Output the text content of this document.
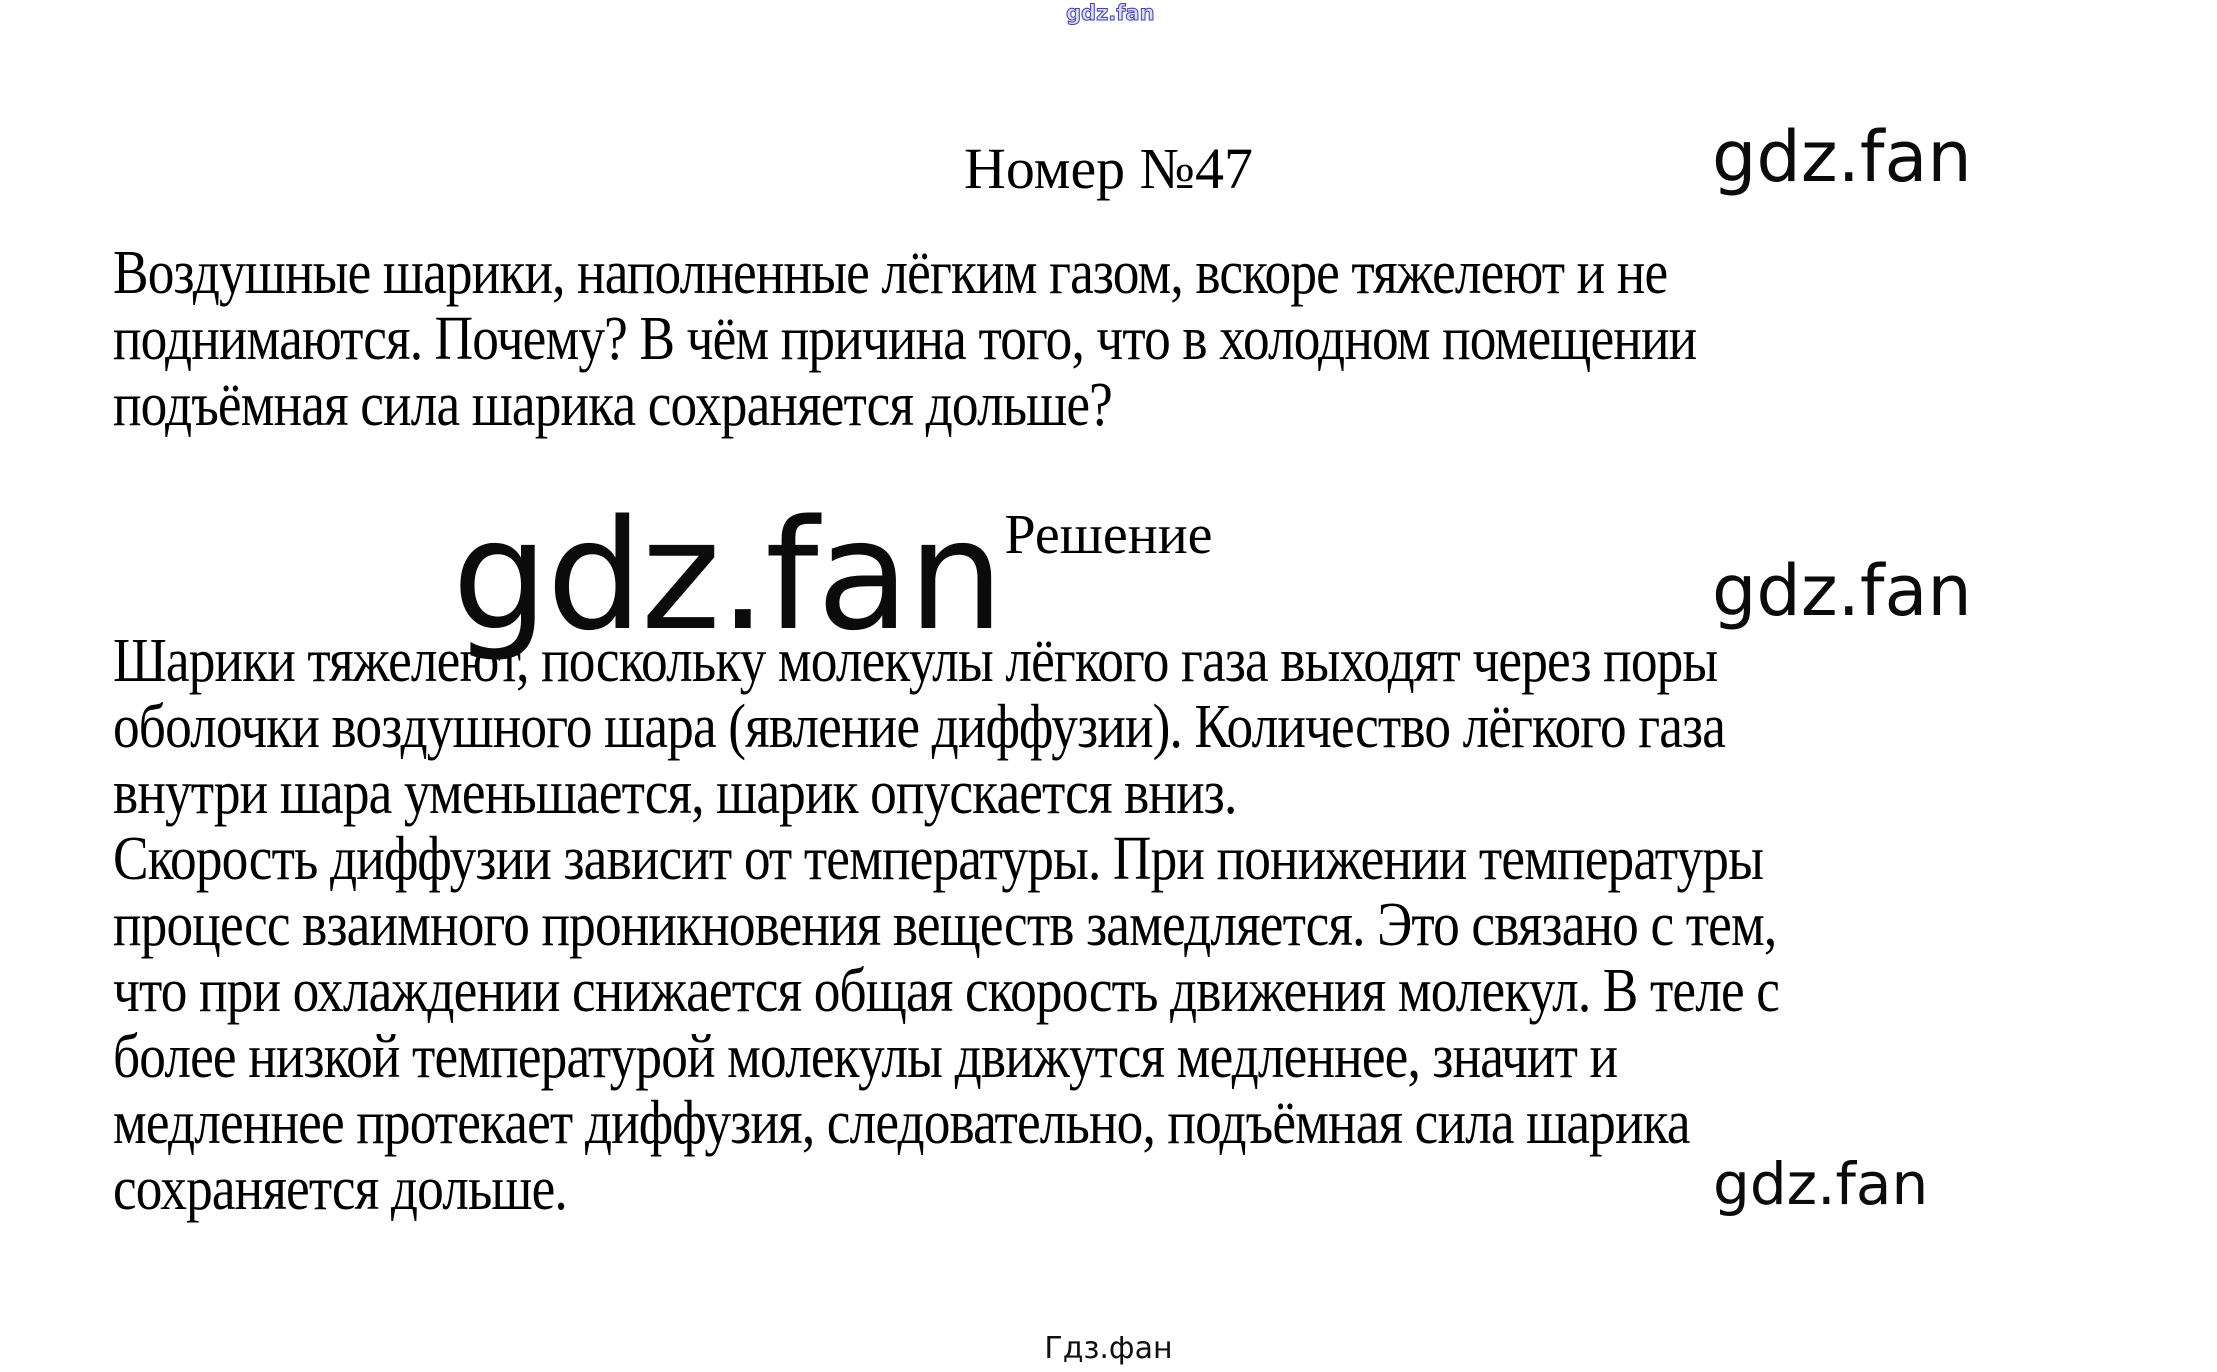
gdz.fan
Номер №47	gdz.fan
Воздушные шарики, наполненные лёгким газом, вскоре тяжелеют и не
поднимаются. Почему? В чём причина того, что в холодном помещении
подъёмная сила шарика сохраняется дольше?
gdz.fan Решение
gdz.fan
Шарики тяжелеют, поскольку молекулы лёгкого газа выходят через поры
оболочки воздушного шара (явление диффузии). Количество лёгкого газа
внутри шара уменьшается, шарик опускается вниз.
Скорость диффузии зависит от температуры. При понижении температуры
процесс взаимного проникновения веществ замедляется. Это связано с тем,
что при охлаждении снижается общая скорость движения молекул. В теле с
более низкой температурой молекулы движутся медленнее, значит и
медленнее протекает диффузия, следовательно, подъёмная сила шарика
сохраняется дольше.	gdz.fan
Гдз.фан
